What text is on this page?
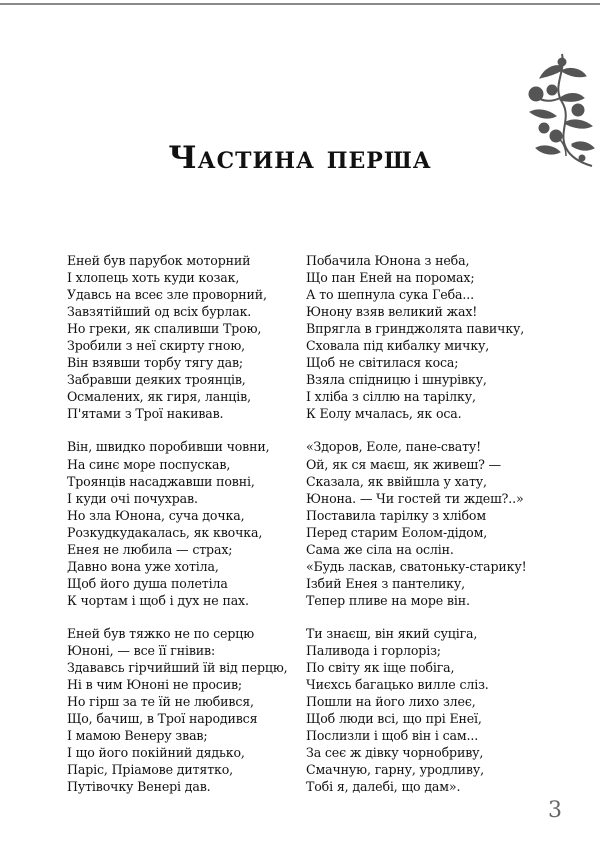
Частина перша
Еней був парубок моторний
І хлопець хоть куди козак,
Удавсь на всеє зле проворний,
Завзятійший од всіх бурлак.
Но греки, як спаливши Трою,
Зробили з неї скирту гною,
Він взявши торбу тягу дав;
Забравши деяких троянців,
Осмалених, як гиря, ланців,
П'ятами з Трої накивав.
Він, швидко поробивши човни,
На синє море поспускав,
Троянців насаджавши повні,
І куди очі почухрав.
Но зла Юнона, суча дочка,
Розкудкудакалась, як квочка,
Енея не любила — страх;
Давно вона уже хотіла,
Щоб його душа полетіла
К чортам і щоб і дух не пах.
Еней був тяжко не по серцю
Юноні, — все її гнівив:
Здававсь гірчийший їй від перцю,
Ні в чим Юноні не просив;
Но гірш за те їй не любився,
Що, бачиш, в Трої народився
І мамою Венеру звав;
І що його покійний дядько,
Паріс, Пріамове дитятко,
Путівочку Венері дав.
Побачила Юнона з неба,
Що пан Еней на поромах;
А то шепнула сука Геба...
Юнону взяв великий жах!
Впрягла в гринджолята павичку,
Сховала під кибалку мичку,
Щоб не світилася коса;
Взяла спідницю і шнурівку,
І хліба з сіллю на тарілку,
К Еолу мчалась, як оса.
«Здоров, Еоле, пане-свату!
Ой, як ся маєш, як живеш? —
Сказала, як ввійшла у хату,
Юнона. — Чи гостей ти ждеш?..»
Поставила тарілку з хлібом
Перед старим Еолом-дідом,
Сама же сіла на ослін.
«Будь ласкав, сватоньку-старику!
Ізбий Енея з пантелику,
Тепер пливе на море він.
Ти знаєш, він який суціга,
Паливода і горлоріз;
По світу як іще побіга,
Чиєхсь багацько вилле сліз.
Пошли на його лихо злеє,
Щоб люди всі, що прі Енеї,
Послизли і щоб він і сам...
За сеє ж дівку чорнобриву,
Смачную, гарну, уродливу,
Тобі я, далебі, що дам».
3
